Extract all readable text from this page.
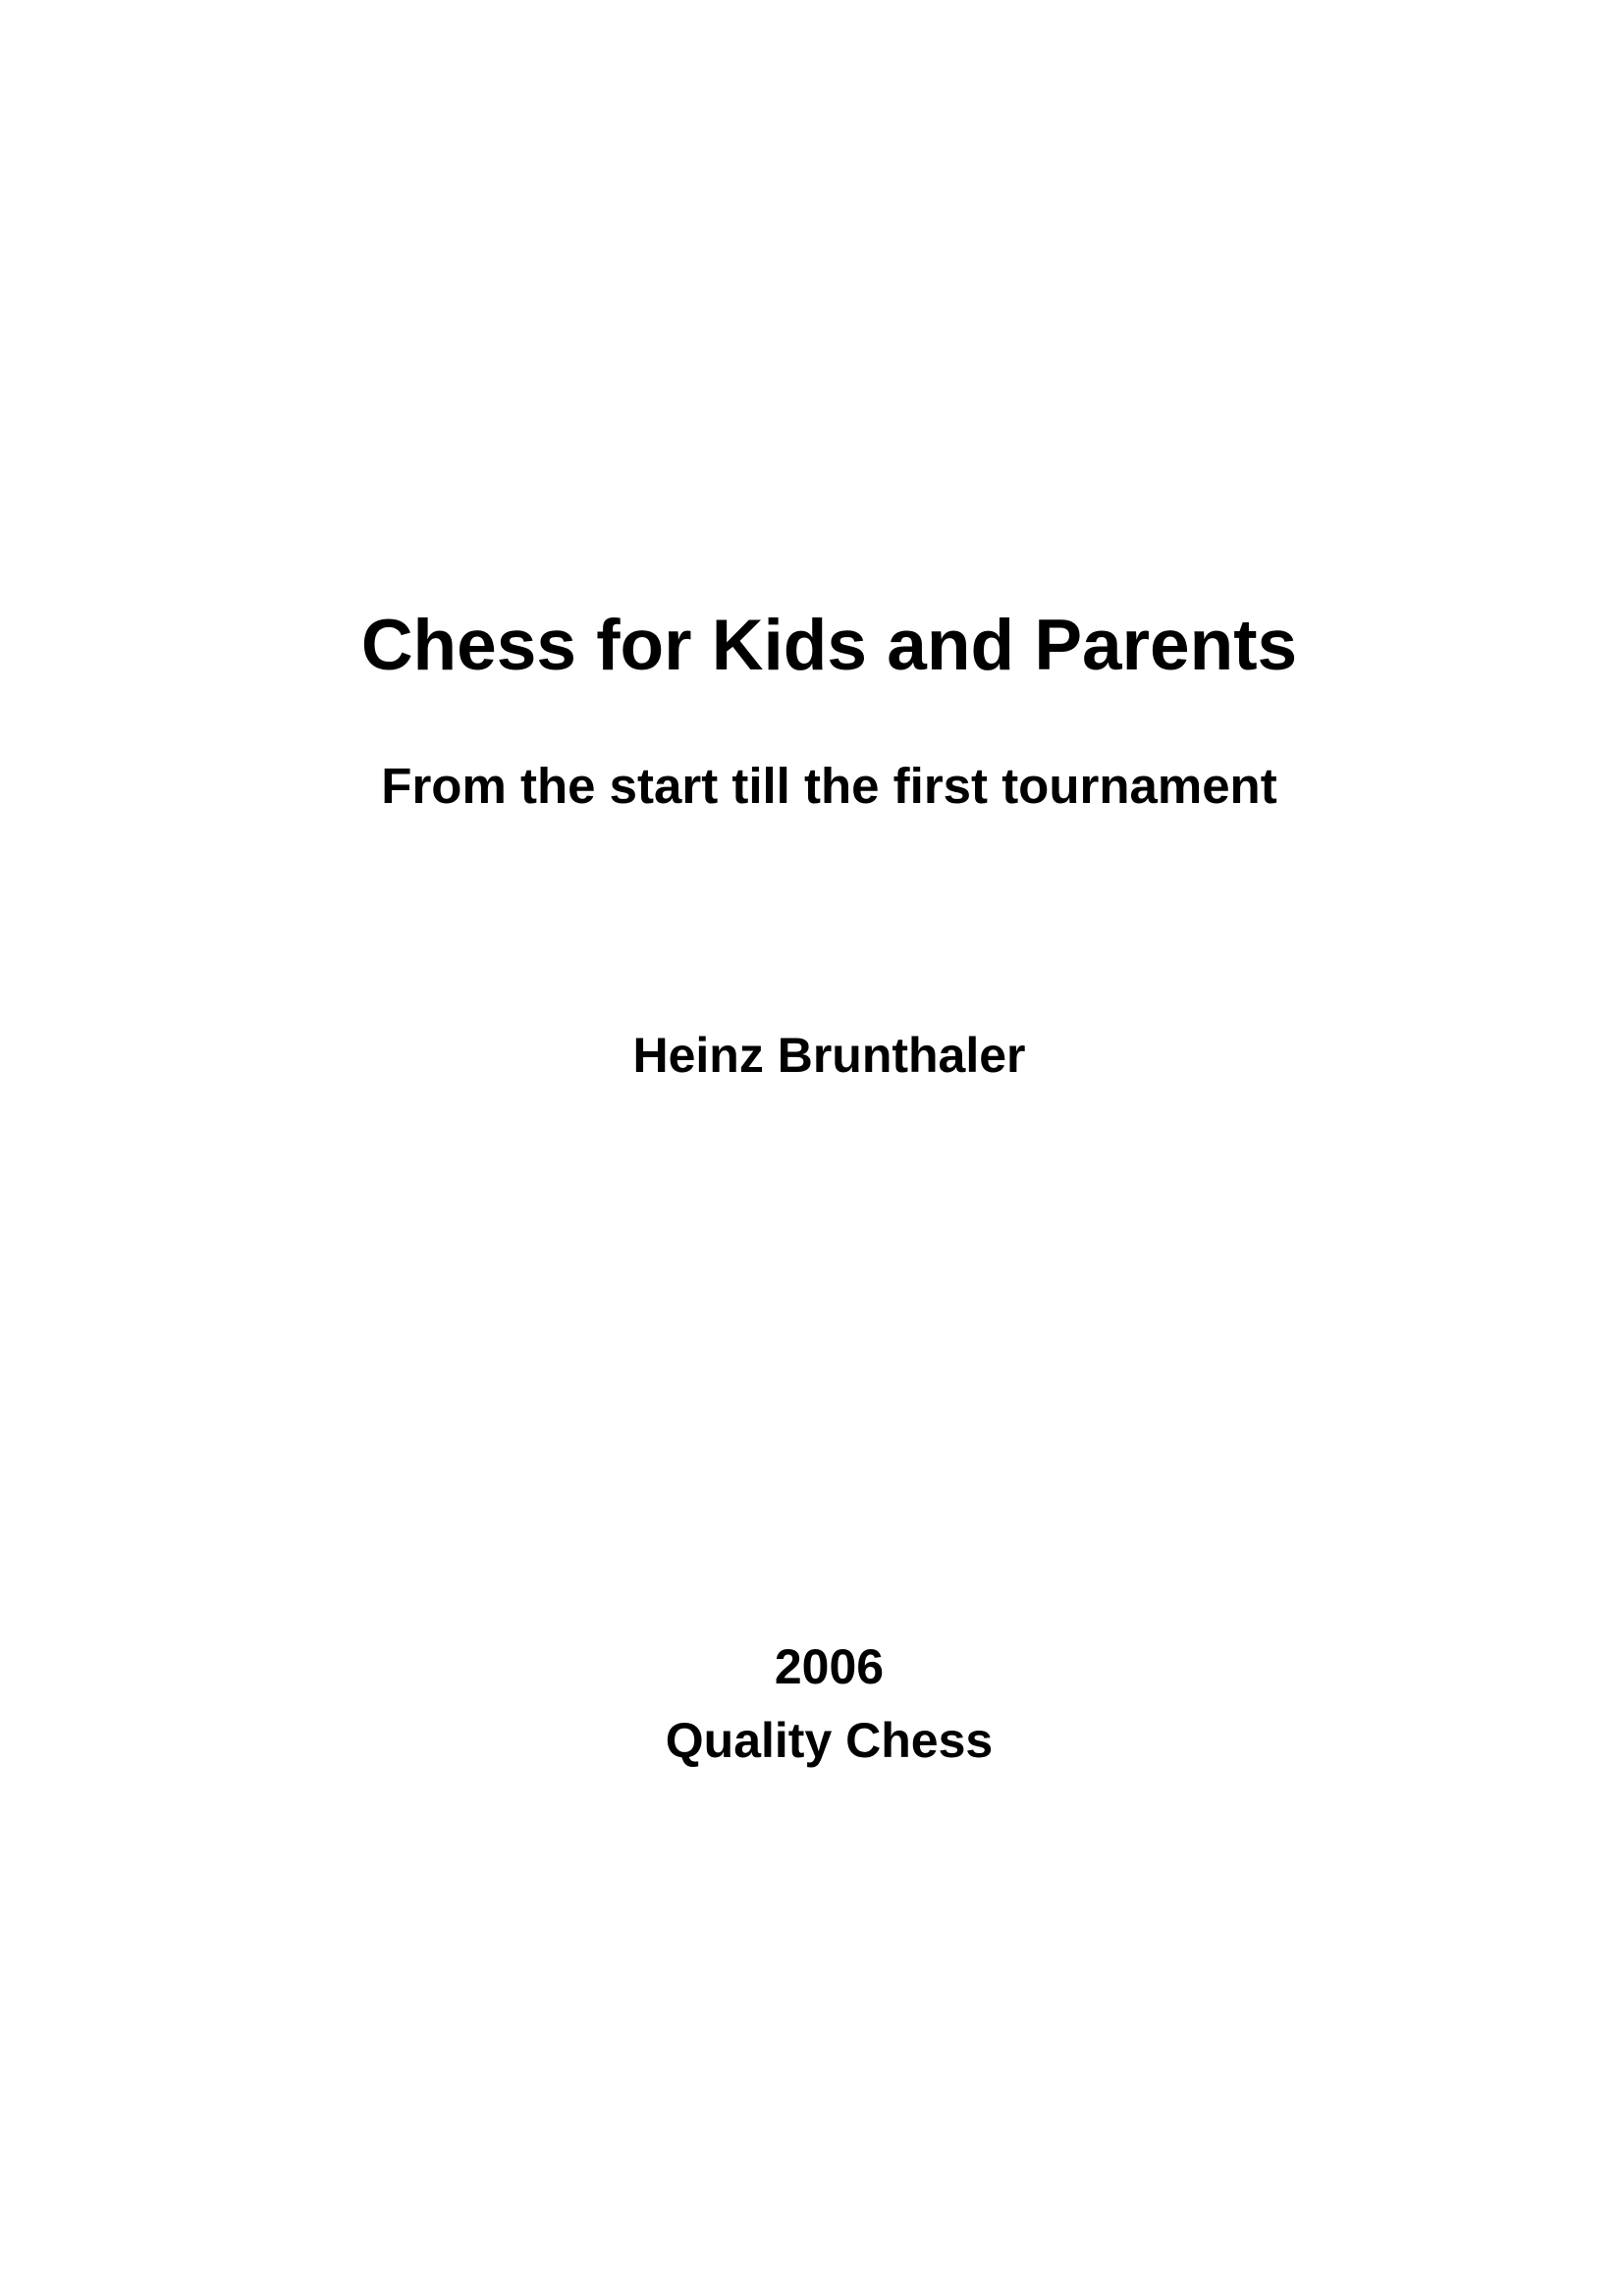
Chess for Kids and Parents
From the start till the first tournament
Heinz Brunthaler
2006
Quality Chess
